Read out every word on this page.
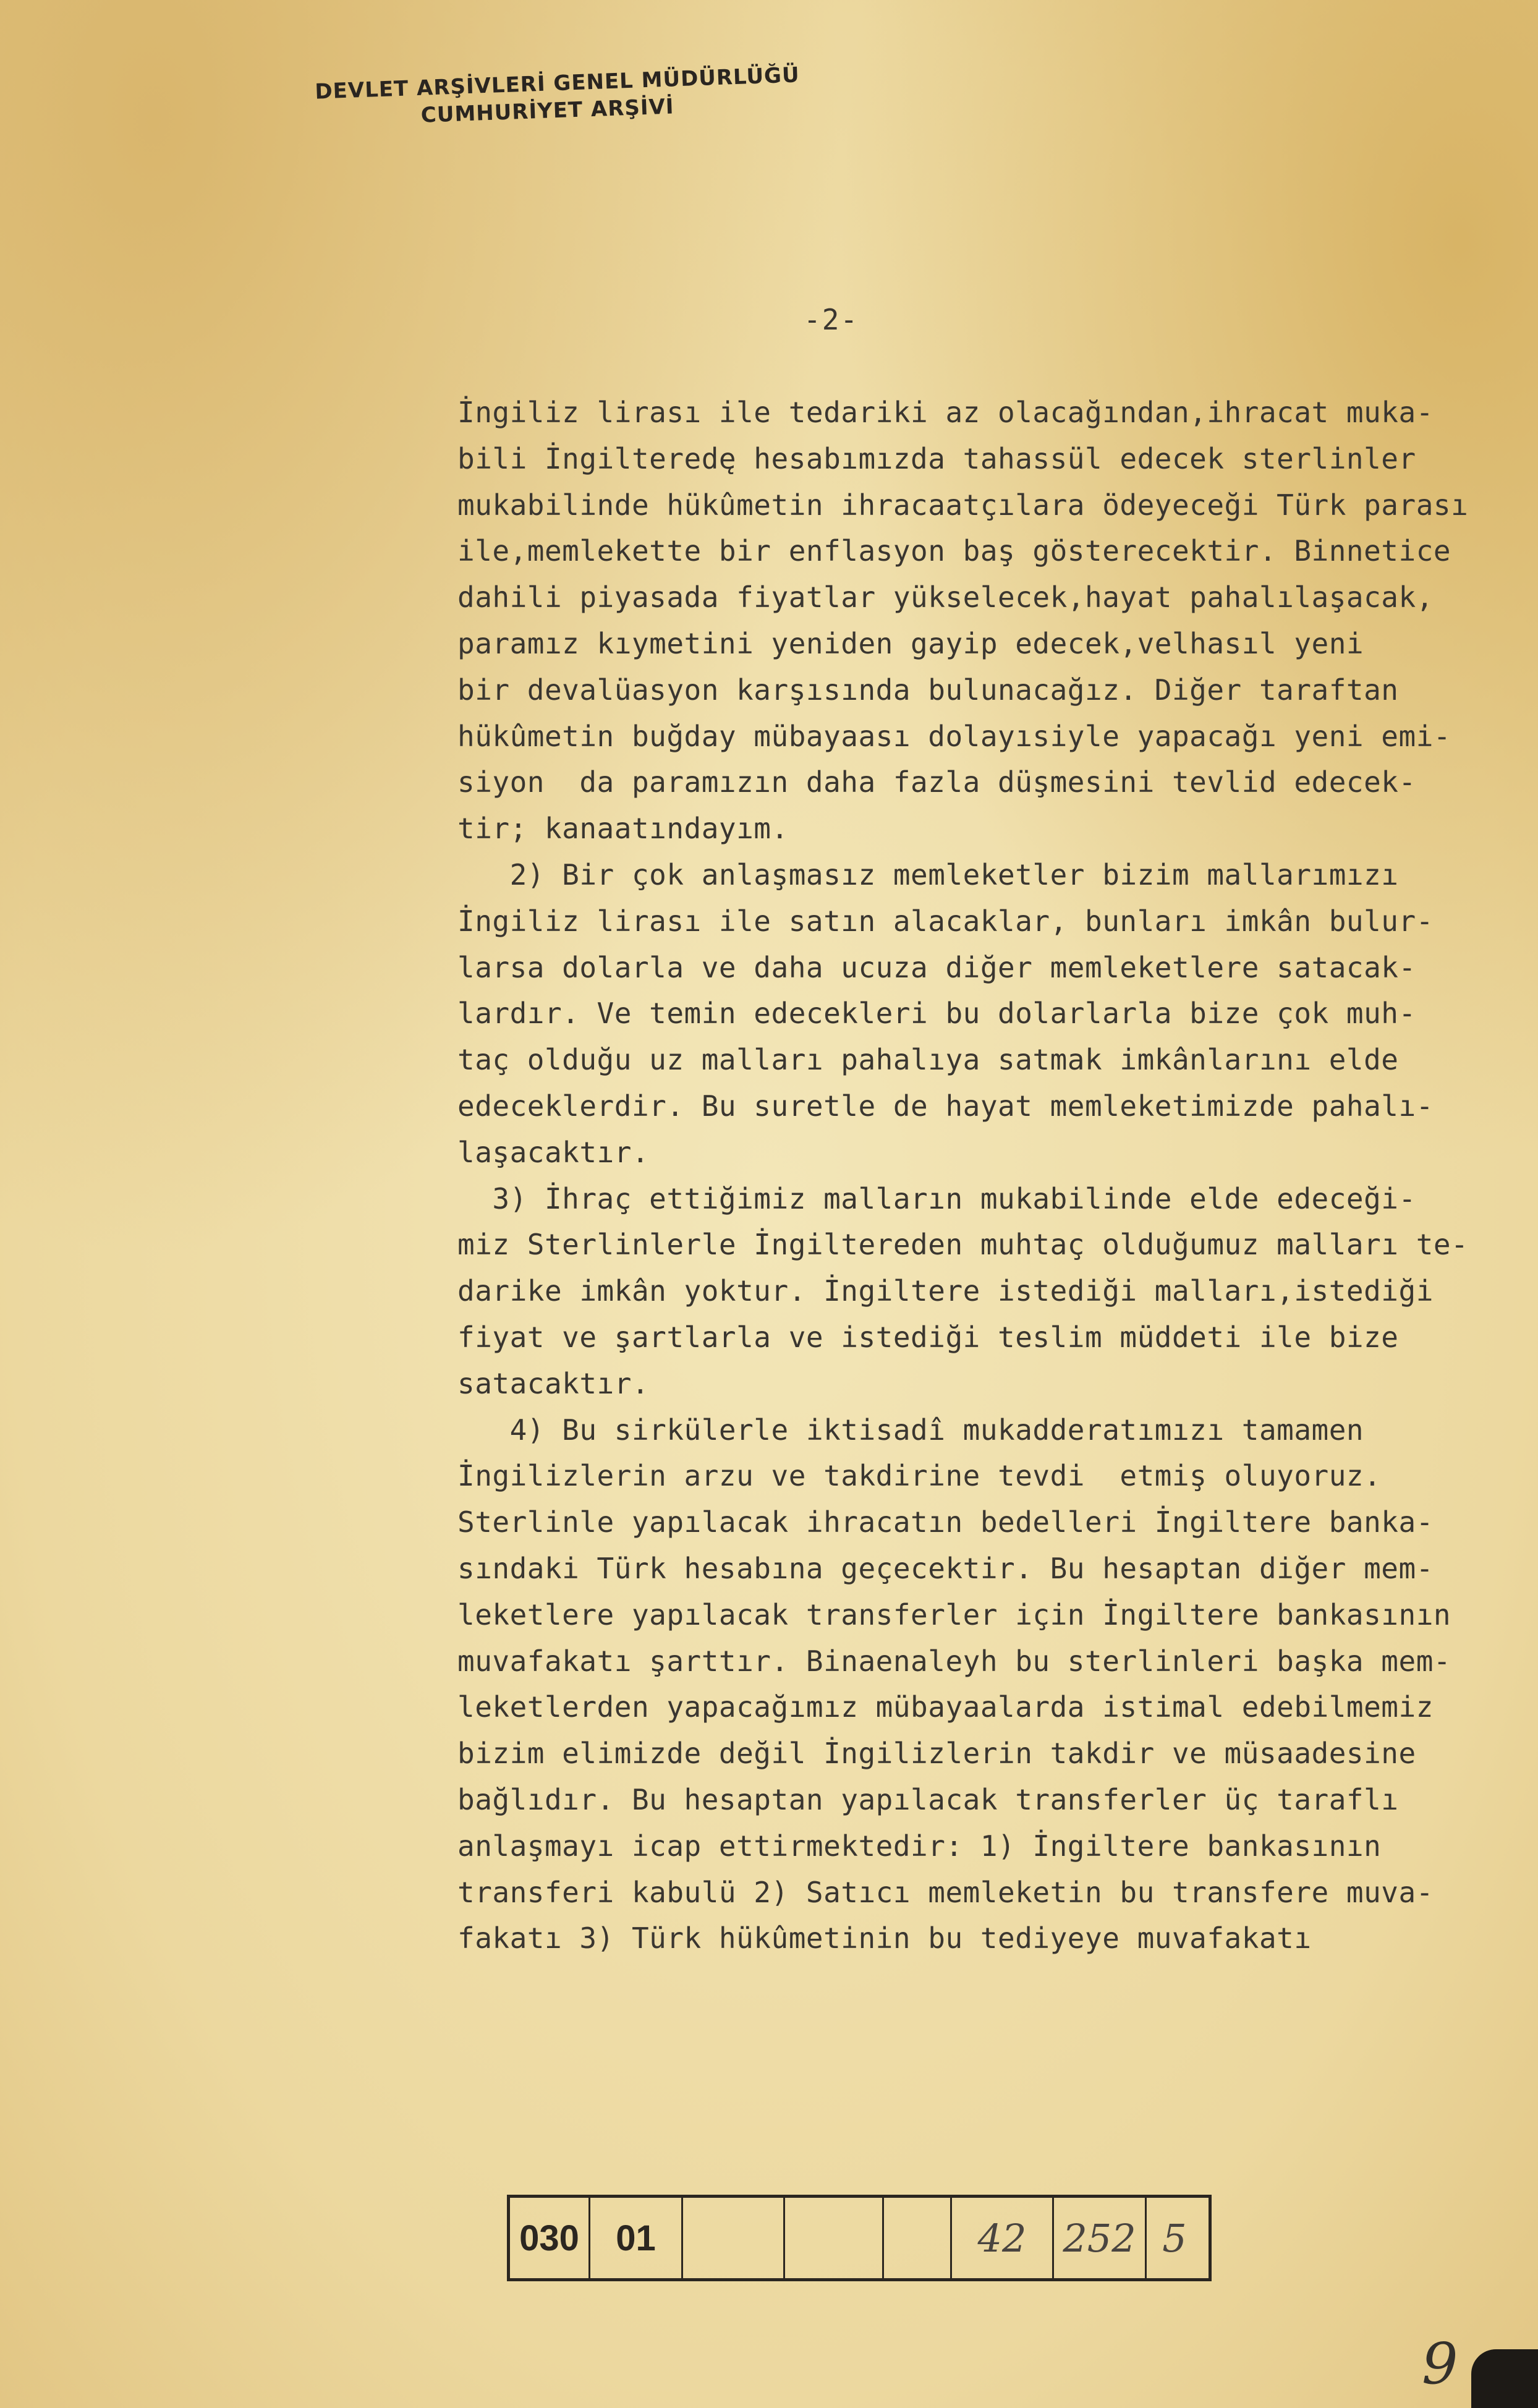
DEVLET ARŞİVLERİ GENEL MÜDÜRLÜĞÜ
CUMHURİYET ARŞİVİ
-2-
İngiliz lirası ile tedariki az olacağından,ihracat muka-
bili İngilteredę hesabımızda tahassül edecek sterlinler
mukabilinde hükûmetin ihracaatçılara ödeyeceği Türk parası
ile,memlekette bir enflasyon baş gösterecektir. Binnetice
dahili piyasada fiyatlar yükselecek,hayat pahalılaşacak,
paramız kıymetini yeniden gayip edecek,velhasıl yeni
bir devalüasyon karşısında bulunacağız. Diğer taraftan
hükûmetin buğday mübayaası dolayısiyle yapacağı yeni emi-
siyon  da paramızın daha fazla düşmesini tevlid edecek-
tir; kanaatındayım.
2) Bir çok anlaşmasız memleketler bizim mallarımızı
İngiliz lirası ile satın alacaklar, bunları imkân bulur-
larsa dolarla ve daha ucuza diğer memleketlere satacak-
lardır. Ve temin edecekleri bu dolarlarla bize çok muh-
taç olduğu uz malları pahalıya satmak imkânlarını elde
edeceklerdir. Bu suretle de hayat memleketimizde pahalı-
laşacaktır.
3) İhraç ettiğimiz malların mukabilinde elde edeceği-
miz Sterlinlerle İngiltereden muhtaç olduğumuz malları te-
darike imkân yoktur. İngiltere istediği malları,istediği
fiyat ve şartlarla ve istediği teslim müddeti ile bize
satacaktır.
4) Bu sirkülerle iktisadî mukadderatımızı tamamen
İngilizlerin arzu ve takdirine tevdi  etmiş oluyoruz.
Sterlinle yapılacak ihracatın bedelleri İngiltere banka-
sındaki Türk hesabına geçecektir. Bu hesaptan diğer mem-
leketlere yapılacak transferler için İngiltere bankasının
muvafakatı şarttır. Binaenaleyh bu sterlinleri başka mem-
leketlerden yapacağımız mübayaalarda istimal edebilmemiz
bizim elimizde değil İngilizlerin takdir ve müsaadesine
bağlıdır. Bu hesaptan yapılacak transferler üç taraflı
anlaşmayı icap ettirmektedir: 1) İngiltere bankasının
transferi kabulü 2) Satıcı memleketin bu transfere muva-
fakatı 3) Türk hükûmetinin bu tediyeye muvafakatı
030	01	42 252 5
9
